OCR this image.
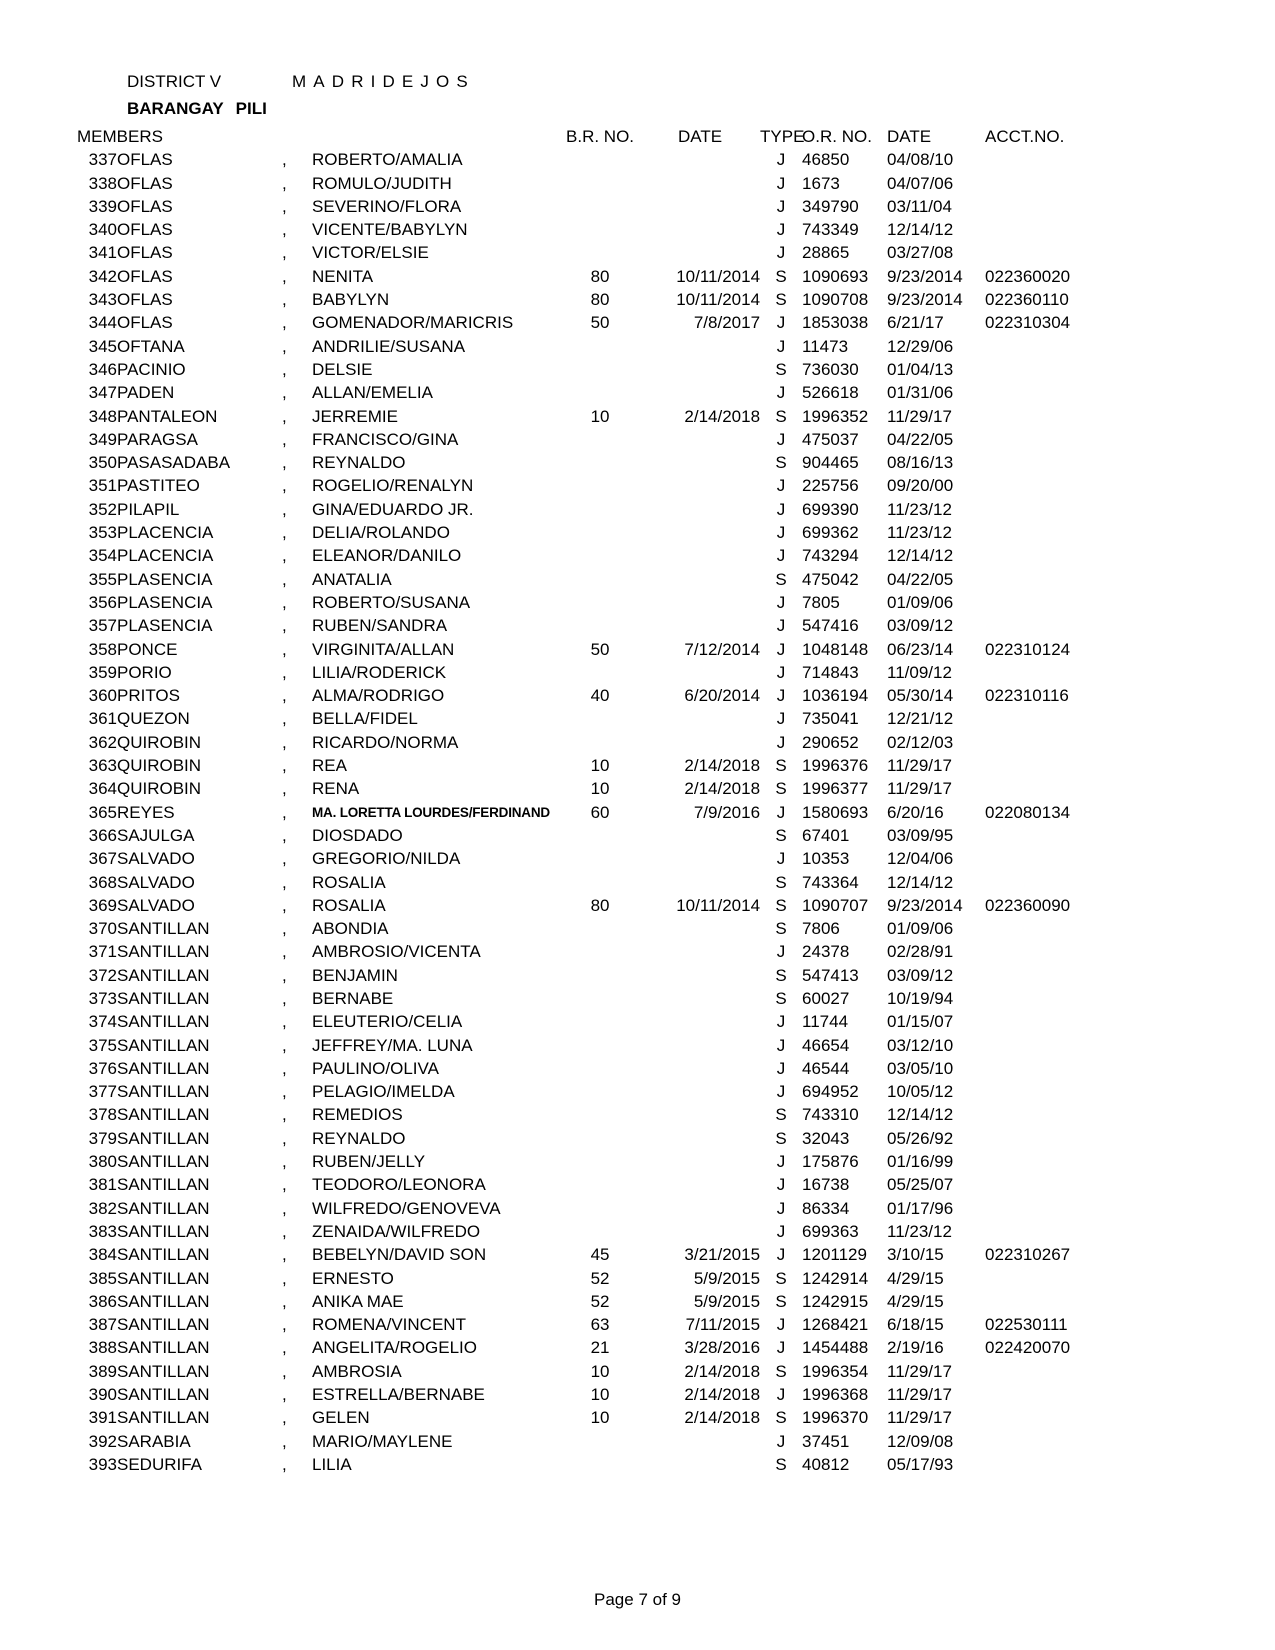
DISTRICT V	MADRIDEJOS
BARANGAY PILI
MEMBERS				B.R. NO.	DATE	TYPE	O.R. NO.	DATE	ACCT.NO.
337	OFLAS	,	ROBERTO/AMALIA			J	46850	04/08/10	
338	OFLAS	,	ROMULO/JUDITH			J	1673	04/07/06	
339	OFLAS	,	SEVERINO/FLORA			J	349790	03/11/04	
340	OFLAS	,	VICENTE/BABYLYN			J	743349	12/14/12	
341	OFLAS	,	VICTOR/ELSIE			J	28865	03/27/08	
342	OFLAS	,	NENITA	80	10/11/2014	S	1090693	9/23/2014	022360020
343	OFLAS	,	BABYLYN	80	10/11/2014	S	1090708	9/23/2014	022360110
344	OFLAS	,	GOMENADOR/MARICRIS	50	7/8/2017	J	1853038	6/21/17	022310304
345	OFTANA	,	ANDRILIE/SUSANA			J	11473	12/29/06	
346	PACINIO	,	DELSIE			S	736030	01/04/13	
347	PADEN	,	ALLAN/EMELIA			J	526618	01/31/06	
348	PANTALEON	,	JERREMIE	10	2/14/2018	S	1996352	11/29/17	
349	PARAGSA	,	FRANCISCO/GINA			J	475037	04/22/05	
350	PASASADABA	,	REYNALDO			S	904465	08/16/13	
351	PASTITEO	,	ROGELIO/RENALYN			J	225756	09/20/00	
352	PILAPIL	,	GINA/EDUARDO JR.			J	699390	11/23/12	
353	PLACENCIA	,	DELIA/ROLANDO			J	699362	11/23/12	
354	PLACENCIA	,	ELEANOR/DANILO			J	743294	12/14/12	
355	PLASENCIA	,	ANATALIA			S	475042	04/22/05	
356	PLASENCIA	,	ROBERTO/SUSANA			J	7805	01/09/06	
357	PLASENCIA	,	RUBEN/SANDRA			J	547416	03/09/12	
358	PONCE	,	VIRGINITA/ALLAN	50	7/12/2014	J	1048148	06/23/14	022310124
359	PORIO	,	LILIA/RODERICK			J	714843	11/09/12	
360	PRITOS	,	ALMA/RODRIGO	40	6/20/2014	J	1036194	05/30/14	022310116
361	QUEZON	,	BELLA/FIDEL			J	735041	12/21/12	
362	QUIROBIN	,	RICARDO/NORMA			J	290652	02/12/03	
363	QUIROBIN	,	REA	10	2/14/2018	S	1996376	11/29/17	
364	QUIROBIN	,	RENA	10	2/14/2018	S	1996377	11/29/17	
365	REYES	,	MA. LORETTA LOURDES/FERDINAND	60	7/9/2016	J	1580693	6/20/16	022080134
366	SAJULGA	,	DIOSDADO			S	67401	03/09/95	
367	SALVADO	,	GREGORIO/NILDA			J	10353	12/04/06	
368	SALVADO	,	ROSALIA			S	743364	12/14/12	
369	SALVADO	,	ROSALIA	80	10/11/2014	S	1090707	9/23/2014	022360090
370	SANTILLAN	,	ABONDIA			S	7806	01/09/06	
371	SANTILLAN	,	AMBROSIO/VICENTA			J	24378	02/28/91	
372	SANTILLAN	,	BENJAMIN			S	547413	03/09/12	
373	SANTILLAN	,	BERNABE			S	60027	10/19/94	
374	SANTILLAN	,	ELEUTERIO/CELIA			J	11744	01/15/07	
375	SANTILLAN	,	JEFFREY/MA. LUNA			J	46654	03/12/10	
376	SANTILLAN	,	PAULINO/OLIVA			J	46544	03/05/10	
377	SANTILLAN	,	PELAGIO/IMELDA			J	694952	10/05/12	
378	SANTILLAN	,	REMEDIOS			S	743310	12/14/12	
379	SANTILLAN	,	REYNALDO			S	32043	05/26/92	
380	SANTILLAN	,	RUBEN/JELLY			J	175876	01/16/99	
381	SANTILLAN	,	TEODORO/LEONORA			J	16738	05/25/07	
382	SANTILLAN	,	WILFREDO/GENOVEVA			J	86334	01/17/96	
383	SANTILLAN	,	ZENAIDA/WILFREDO			J	699363	11/23/12	
384	SANTILLAN	,	BEBELYN/DAVID SON	45	3/21/2015	J	1201129	3/10/15	022310267
385	SANTILLAN	,	ERNESTO	52	5/9/2015	S	1242914	4/29/15	
386	SANTILLAN	,	ANIKA MAE	52	5/9/2015	S	1242915	4/29/15	
387	SANTILLAN	,	ROMENA/VINCENT	63	7/11/2015	J	1268421	6/18/15	022530111
388	SANTILLAN	,	ANGELITA/ROGELIO	21	3/28/2016	J	1454488	2/19/16	022420070
389	SANTILLAN	,	AMBROSIA	10	2/14/2018	S	1996354	11/29/17	
390	SANTILLAN	,	ESTRELLA/BERNABE	10	2/14/2018	J	1996368	11/29/17	
391	SANTILLAN	,	GELEN	10	2/14/2018	S	1996370	11/29/17	
392	SARABIA	,	MARIO/MAYLENE			J	37451	12/09/08	
393	SEDURIFA	,	LILIA			S	40812	05/17/93	
Page 7 of 9
